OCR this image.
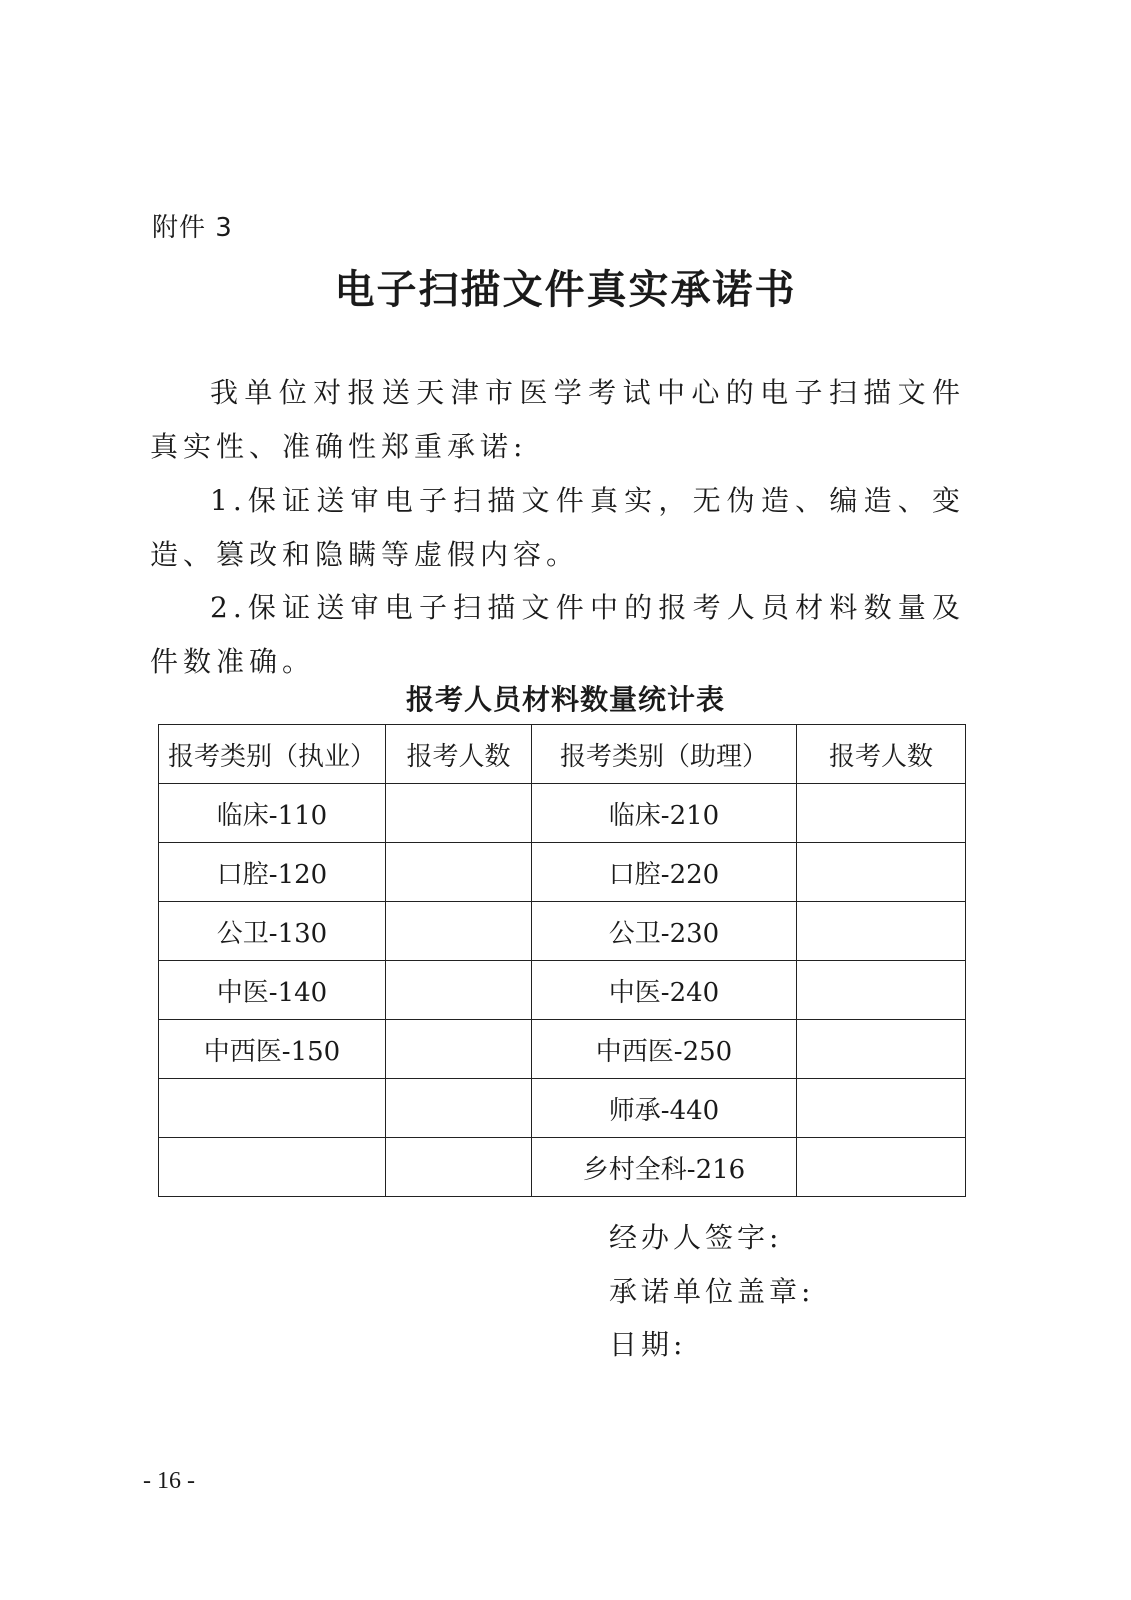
附件 3
电子扫描文件真实承诺书
我单位对报送天津市医学考试中心的电子扫描文件真实性、准确性郑重承诺:
1.保证送审电子扫描文件真实，无伪造、编造、变造、篡改和隐瞒等虚假内容。
2.保证送审电子扫描文件中的报考人员材料数量及件数准确。
报考人员材料数量统计表
报考类别（执业）	报考人数	报考类别（助理）	报考人数
临床-110		临床-210	
口腔-120		口腔-220	
公卫-130		公卫-230	
中医-140		中医-240	
中西医-150		中西医-250	
		师承-440	
		乡村全科-216	
经办人签字:
承诺单位盖章:
日期:
- 16 -
